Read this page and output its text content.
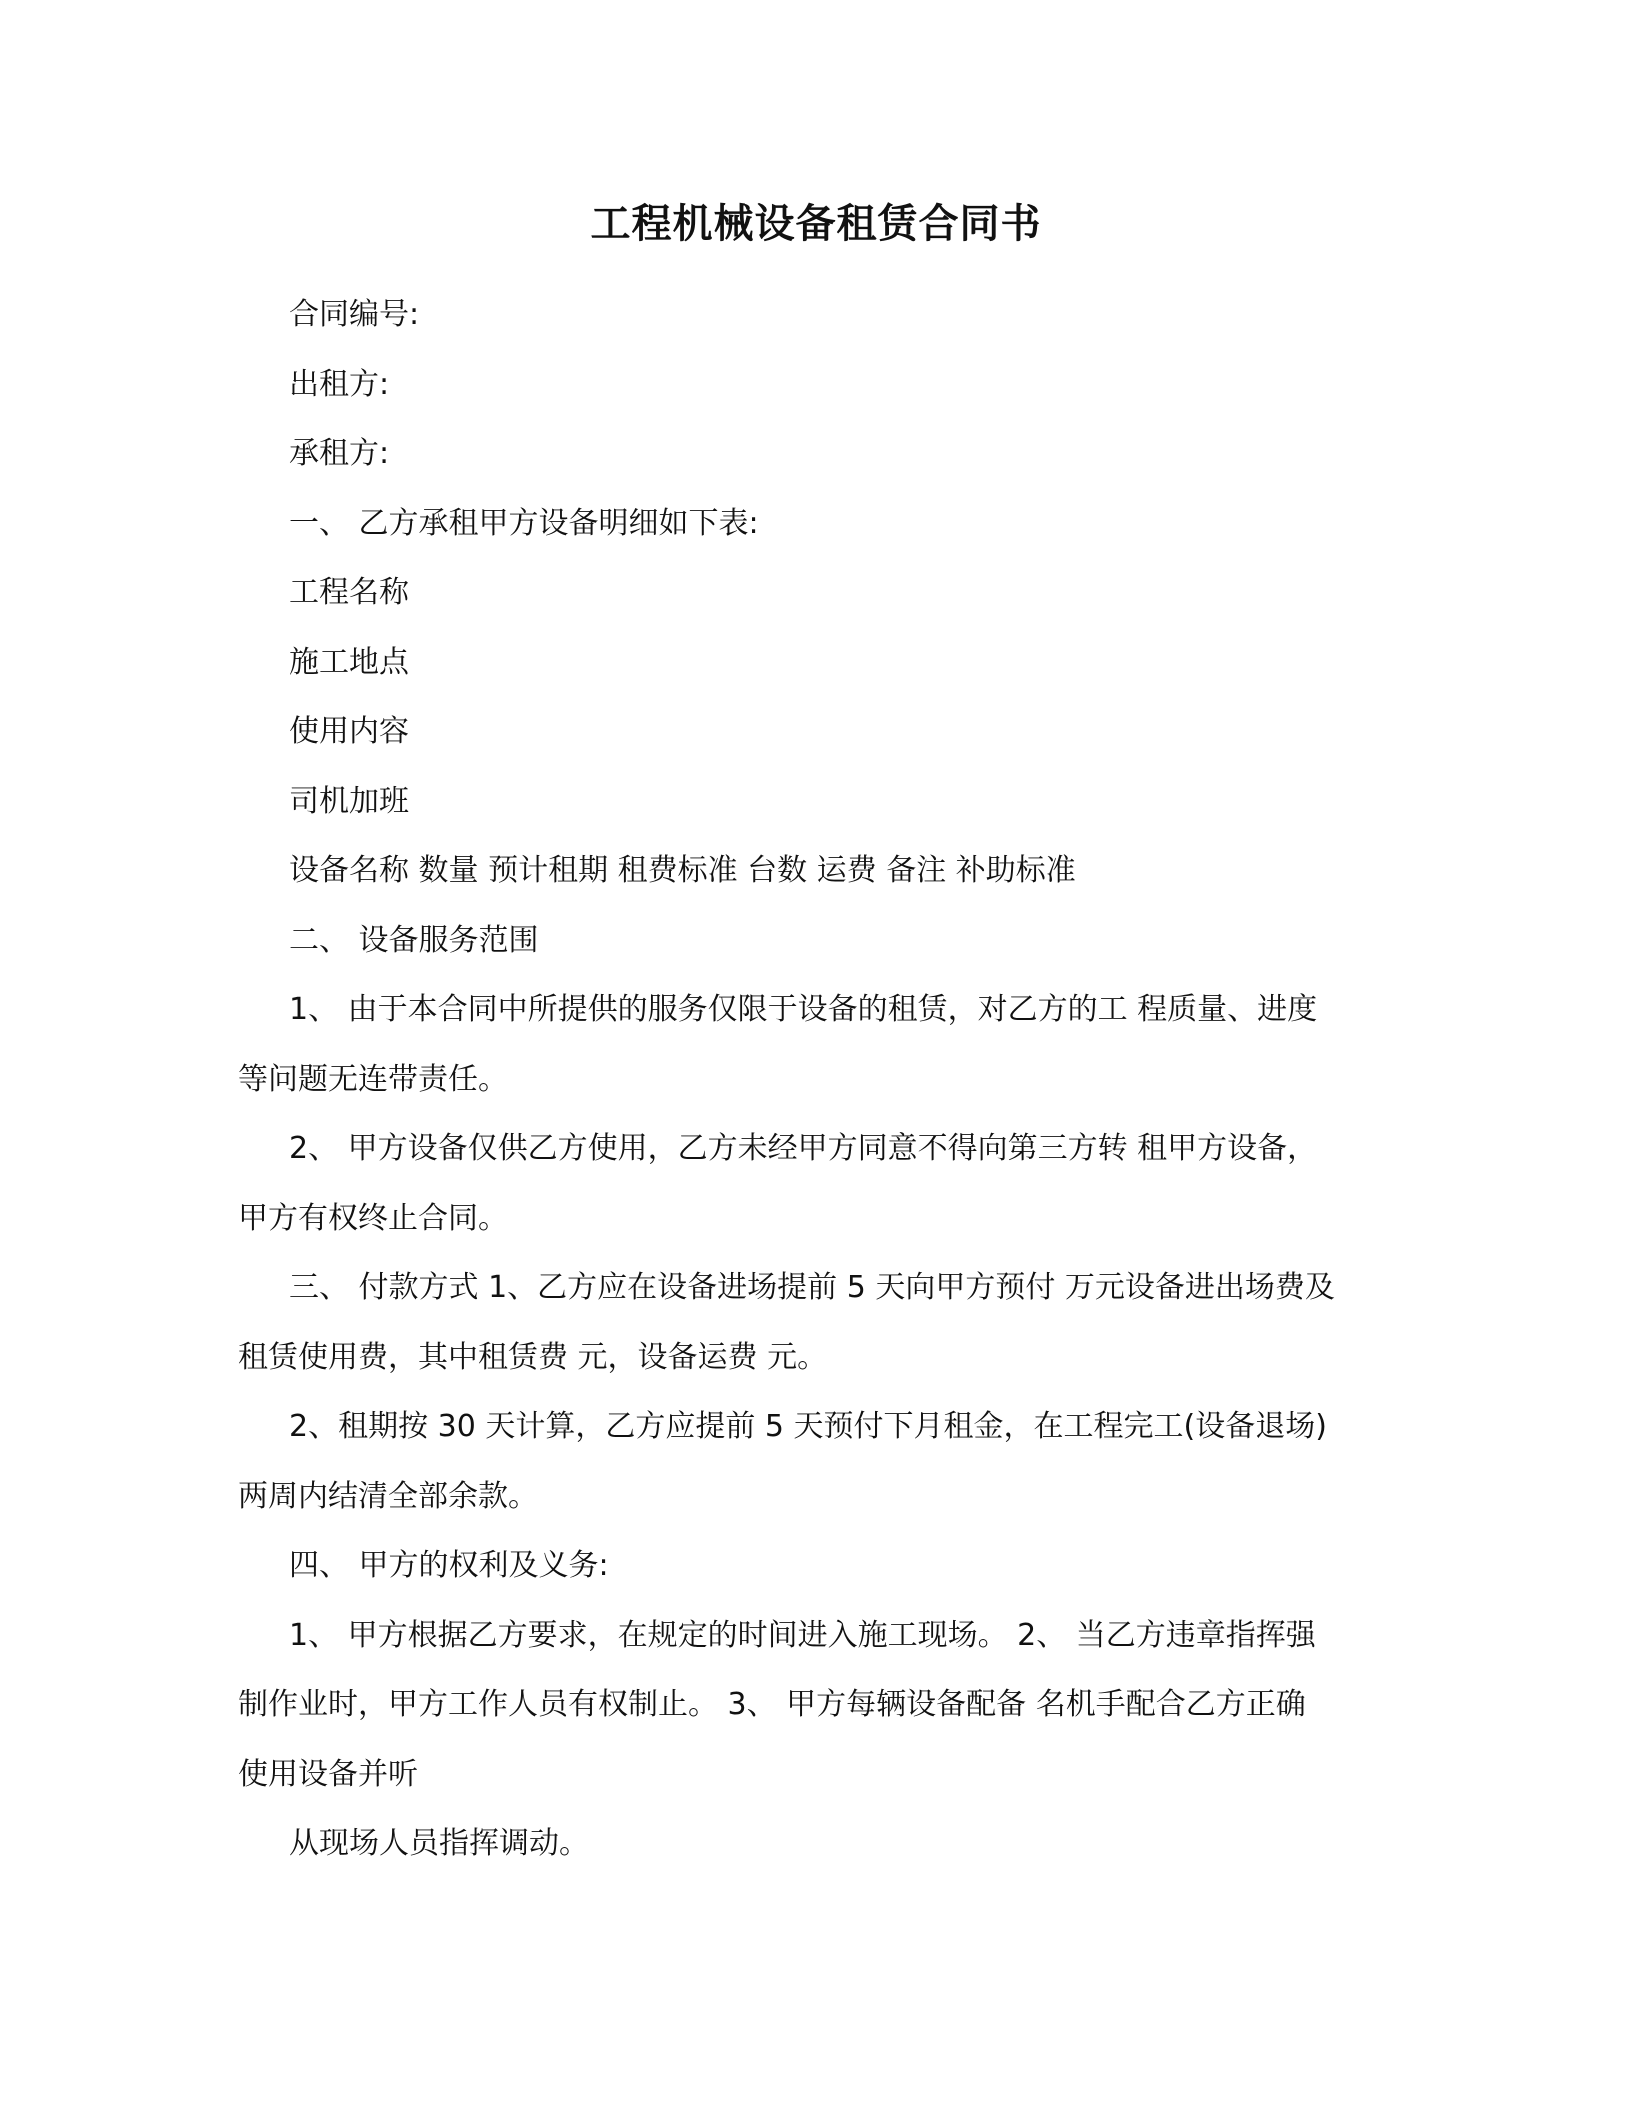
工程机械设备租赁合同书

合同编号:

出租方:

承租方:

一、 乙方承租甲方设备明细如下表:

工程名称

施工地点

使用内容

司机加班

设备名称 数量 预计租期 租费标准 台数 运费 备注 补助标准

二、 设备服务范围

1、 由于本合同中所提供的服务仅限于设备的租赁，对乙方的工 程质量、进度

等问题无连带责任。

2、 甲方设备仅供乙方使用，乙方未经甲方同意不得向第三方转 租甲方设备，

甲方有权终止合同。

三、 付款方式 1、乙方应在设备进场提前 5 天向甲方预付 万元设备进出场费及

租赁使用费，其中租赁费 元，设备运费 元。

2、租期按 30 天计算，乙方应提前 5 天预付下月租金，在工程完工(设备退场)

两周内结清全部余款。

四、 甲方的权利及义务:

1、 甲方根据乙方要求，在规定的时间进入施工现场。 2、 当乙方违章指挥强

制作业时，甲方工作人员有权制止。 3、 甲方每辆设备配备 名机手配合乙方正确

使用设备并听

从现场人员指挥调动。
